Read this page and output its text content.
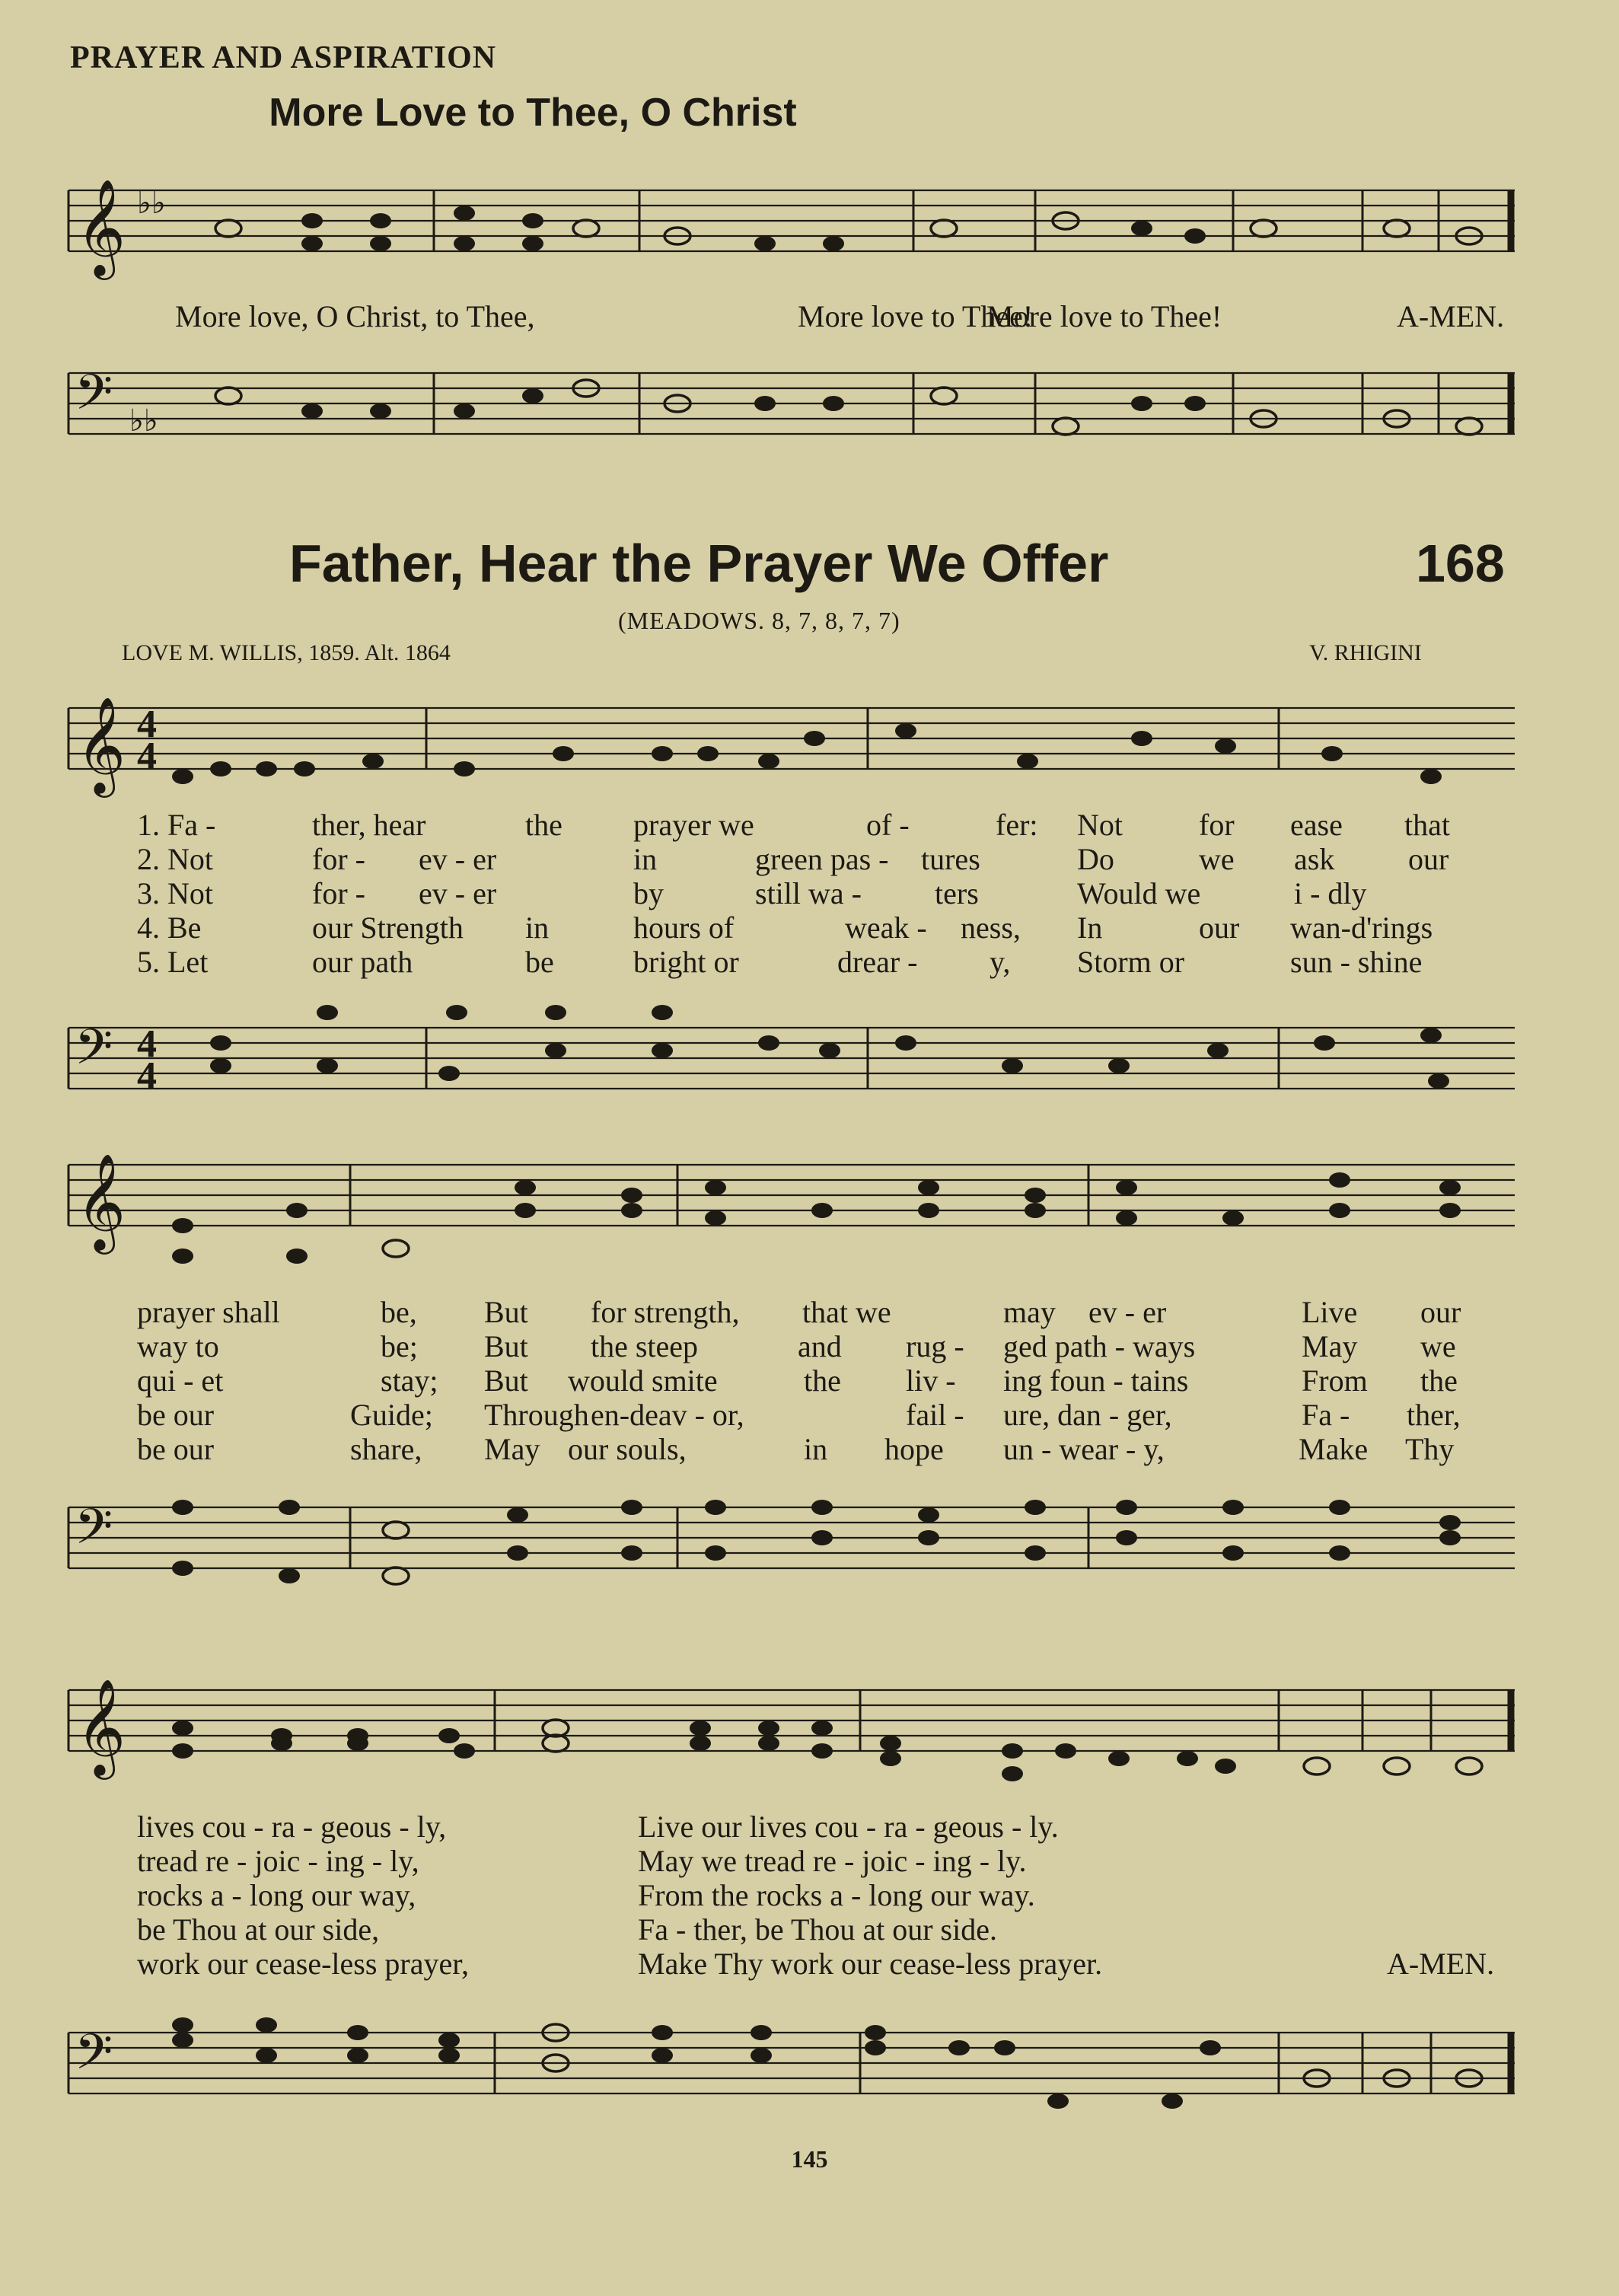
PRAYER AND ASPIRATION
More Love to Thee, O Christ
𝄞 ♭♭
More love, O Christ, to Thee,	More love to Thee!
More love to Thee!	A-MEN.
𝄢 ♭♭
Father, Hear the Prayer We Offer	168
(MEADOWS. 8, 7, 8, 7, 7)
LOVE M. WILLIS, 1859. Alt. 1864	V. RHIGINI
𝄞 4
4
1. Fa -	ther, hear	the prayer we	of -	fer: Not	for ease that
2. Not	for - ev - er	in	green pas - tures	Do	we ask our
3. Not	for - ev - er	by	still wa - ters	Would we	i - dly
4. Be	our Strength in	hours of	weak - ness, In	our wan-d'rings
5. Let	our path	be	bright or	drear - y, Storm or	sun - shine
𝄢 4
4
𝄞
prayer shall	be, But for strength, that we	may ev - er	Live our
way to	be; But the steep	and rug - ged path - ways	May we
qui - et	stay; But would smite	the liv - ing foun - tains	From the
be our	Guide; Through en-deav - or,	fail - ure, dan - ger,	Fa - ther,
be our	share, May our souls,	in hope un - wear - y,	Make Thy
𝄢
𝄞
lives cou - ra - geous - ly,	Live our lives cou - ra - geous - ly.
tread re - joic - ing - ly,	May we tread re - joic - ing - ly.
rocks a - long our way,	From the rocks a - long our way.
be Thou at our side,	Fa - ther, be Thou at our side.
work our cease-less prayer,	Make Thy work our cease-less prayer.	A-MEN.
𝄢
145
